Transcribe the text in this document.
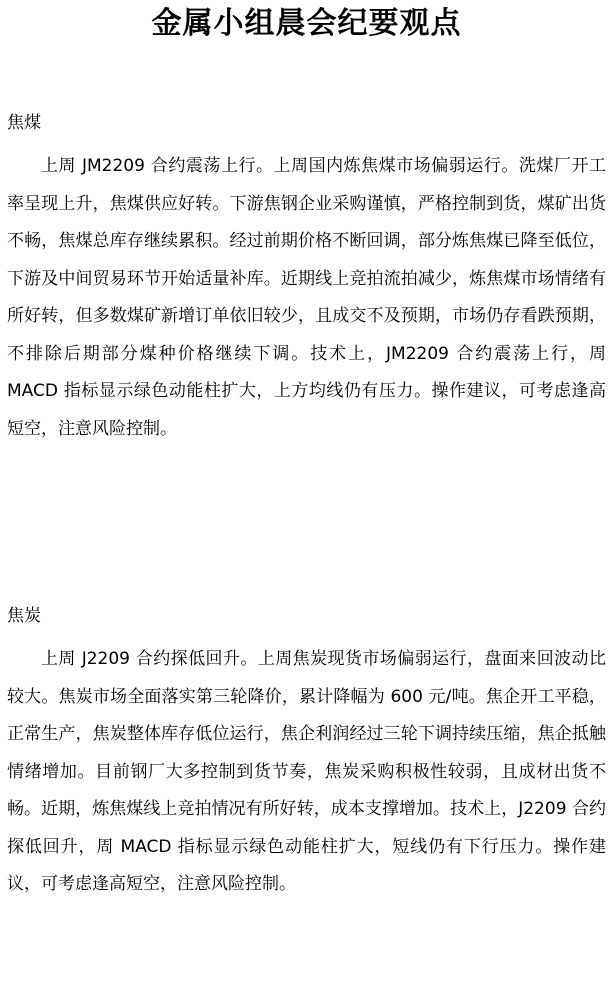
金属小组晨会纪要观点
焦煤

上周 JM2209 合约震荡上行。上周国内炼焦煤市场偏弱运行。洗煤厂开工率呈现上升，焦煤供应好转。下游焦钢企业采购谨慎，严格控制到货，煤矿出货不畅，焦煤总库存继续累积。经过前期价格不断回调，部分炼焦煤已降至低位，下游及中间贸易环节开始适量补库。近期线上竞拍流拍减少，炼焦煤市场情绪有所好转，但多数煤矿新增订单依旧较少，且成交不及预期，市场仍存看跌预期，不排除后期部分煤种价格继续下调。技术上，JM2209 合约震荡上行，周 MACD 指标显示绿色动能柱扩大，上方均线仍有压力。操作建议，可考虑逢高短空，注意风险控制。

焦炭

上周 J2209 合约探低回升。上周焦炭现货市场偏弱运行，盘面来回波动比较大。焦炭市场全面落实第三轮降价，累计降幅为 600 元/吨。焦企开工平稳，正常生产，焦炭整体库存低位运行，焦企利润经过三轮下调持续压缩，焦企抵触情绪增加。目前钢厂大多控制到货节奏，焦炭采购积极性较弱，且成材出货不畅。近期，炼焦煤线上竞拍情况有所好转，成本支撑增加。技术上，J2209 合约探低回升，周 MACD 指标显示绿色动能柱扩大，短线仍有下行压力。操作建议，可考虑逢高短空，注意风险控制。
